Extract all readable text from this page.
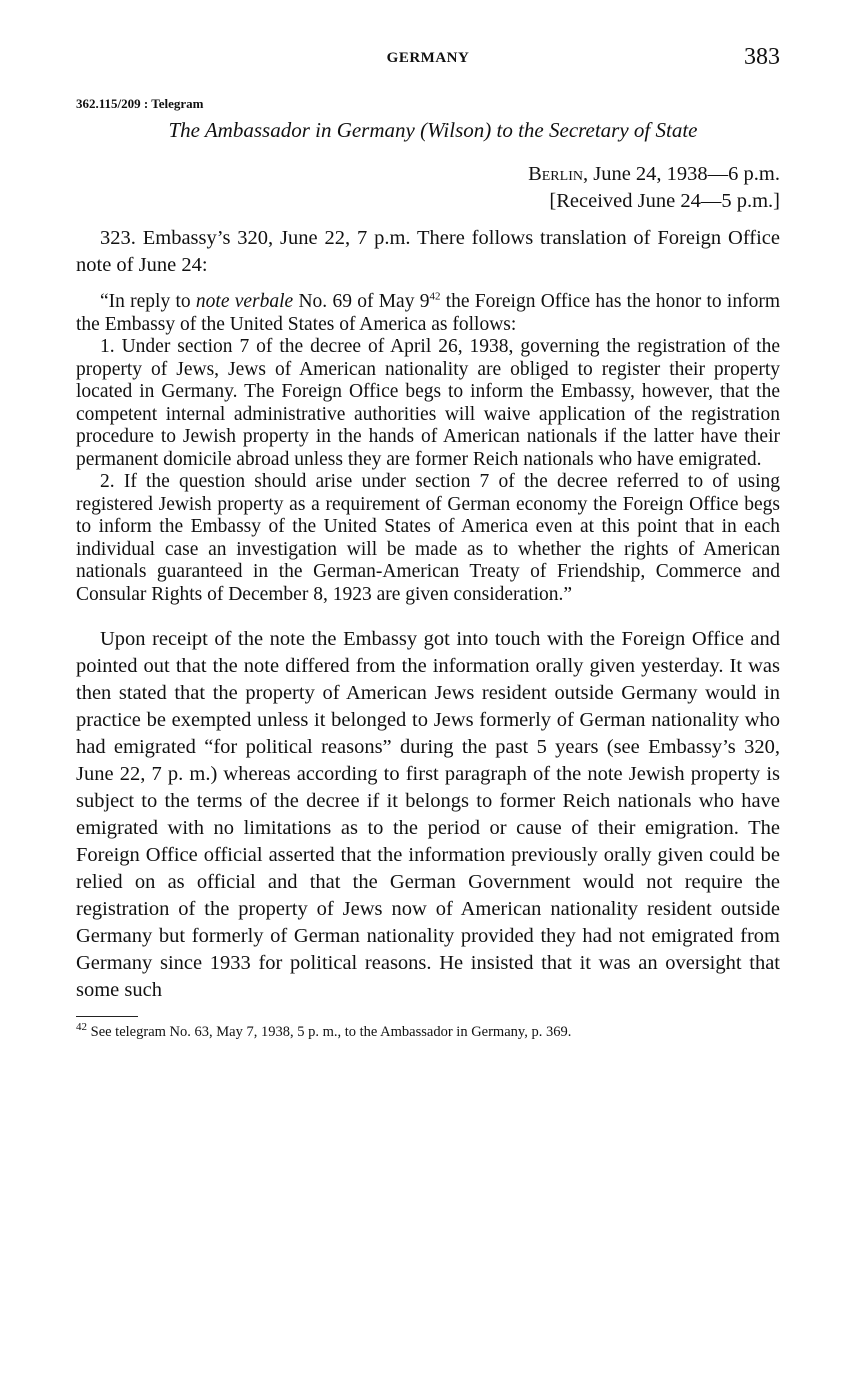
GERMANY	383
362.115/209 : Telegram
The Ambassador in Germany (Wilson) to the Secretary of State
Berlin, June 24, 1938—6 p.m.
[Received June 24—5 p.m.]
323. Embassy’s 320, June 22, 7 p.m. There follows translation of Foreign Office note of June 24:

“In reply to note verbale No. 69 of May $9^{42}$ the Foreign Office has the honor to inform the Embassy of the United States of America as follows:

1. Under section 7 of the decree of April 26, 1938, governing the registration of the property of Jews, Jews of American nationality are obliged to register their property located in Germany. The Foreign Office begs to inform the Embassy, however, that the competent internal administrative authorities will waive application of the registration procedure to Jewish property in the hands of American nationals if the latter have their permanent domicile abroad unless they are former Reich nationals who have emigrated.

2. If the question should arise under section 7 of the decree referred to of using registered Jewish property as a requirement of German economy the Foreign Office begs to inform the Embassy of the United States of America even at this point that in each individual case an investigation will be made as to whether the rights of American nationals guaranteed in the German-American Treaty of Friendship, Commerce and Consular Rights of December 8, 1923 are given consideration.”

Upon receipt of the note the Embassy got into touch with the Foreign Office and pointed out that the note differed from the information orally given yesterday. It was then stated that the property of American Jews resident outside Germany would in practice be exempted unless it belonged to Jews formerly of German nationality who had emigrated “for political reasons” during the past 5 years (see Embassy’s 320, June 22, 7 p. m.) whereas according to first paragraph of the note Jewish property is subject to the terms of the decree if it belongs to former Reich nationals who have emigrated with no limitations as to the period or cause of their emigration. The Foreign Office official asserted that the information previously orally given could be relied on as official and that the German Government would not require the registration of the property of Jews now of American nationality resident outside Germany but formerly of German nationality provided they had not emigrated from Germany since 1933 for political reasons. He insisted that it was an oversight that some such
$^{42}$ See telegram No. 63, May 7, 1938, 5 p. m., to the Ambassador in Germany, p. 369.
